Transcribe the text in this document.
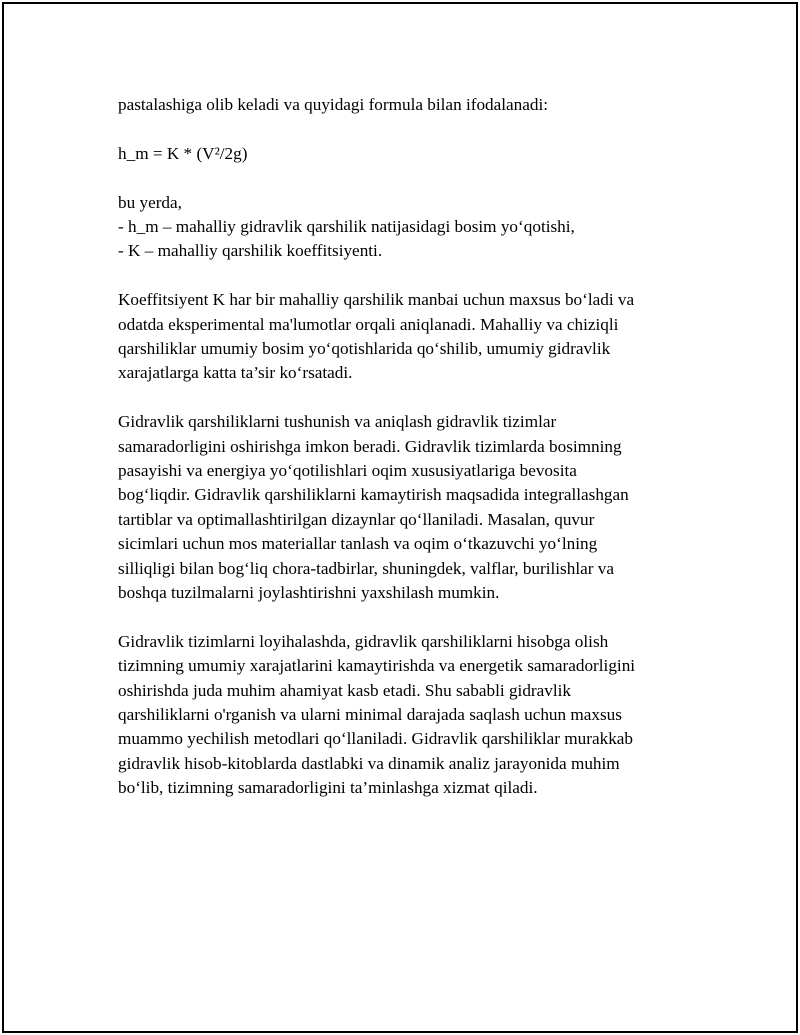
pastalashiga olib keladi va quyidagi formula bilan ifodalanadi:

h_m = K * (V²/2g)

bu yerda,
- h_m – mahalliy gidravlik qarshilik natijasidagi bosim yo‘qotishi,
- K – mahalliy qarshilik koeffitsiyenti.

Koeffitsiyent K har bir mahalliy qarshilik manbai uchun maxsus bo‘ladi va
odatda eksperimental ma'lumotlar orqali aniqlanadi. Mahalliy va chiziqli
qarshiliklar umumiy bosim yo‘qotishlarida qo‘shilib, umumiy gidravlik
xarajatlarga katta ta’sir ko‘rsatadi.

Gidravlik qarshiliklarni tushunish va aniqlash gidravlik tizimlar
samaradorligini oshirishga imkon beradi. Gidravlik tizimlarda bosimning
pasayishi va energiya yo‘qotilishlari oqim xususiyatlariga bevosita
bog‘liqdir. Gidravlik qarshiliklarni kamaytirish maqsadida integrallashgan
tartiblar va optimallashtirilgan dizaynlar qo‘llaniladi. Masalan, quvur
sicimlari uchun mos materiallar tanlash va oqim o‘tkazuvchi yo‘lning
silliqligi bilan bog‘liq chora-tadbirlar, shuningdek, valflar, burilishlar va
boshqa tuzilmalarni joylashtirishni yaxshilash mumkin.

Gidravlik tizimlarni loyihalashda, gidravlik qarshiliklarni hisobga olish
tizimning umumiy xarajatlarini kamaytirishda va energetik samaradorligini
oshirishda juda muhim ahamiyat kasb etadi. Shu sababli gidravlik
qarshiliklarni o'rganish va ularni minimal darajada saqlash uchun maxsus
muammo yechilish metodlari qo‘llaniladi. Gidravlik qarshiliklar murakkab
gidravlik hisob-kitoblarda dastlabki va dinamik analiz jarayonida muhim
bo‘lib, tizimning samaradorligini ta’minlashga xizmat qiladi.
